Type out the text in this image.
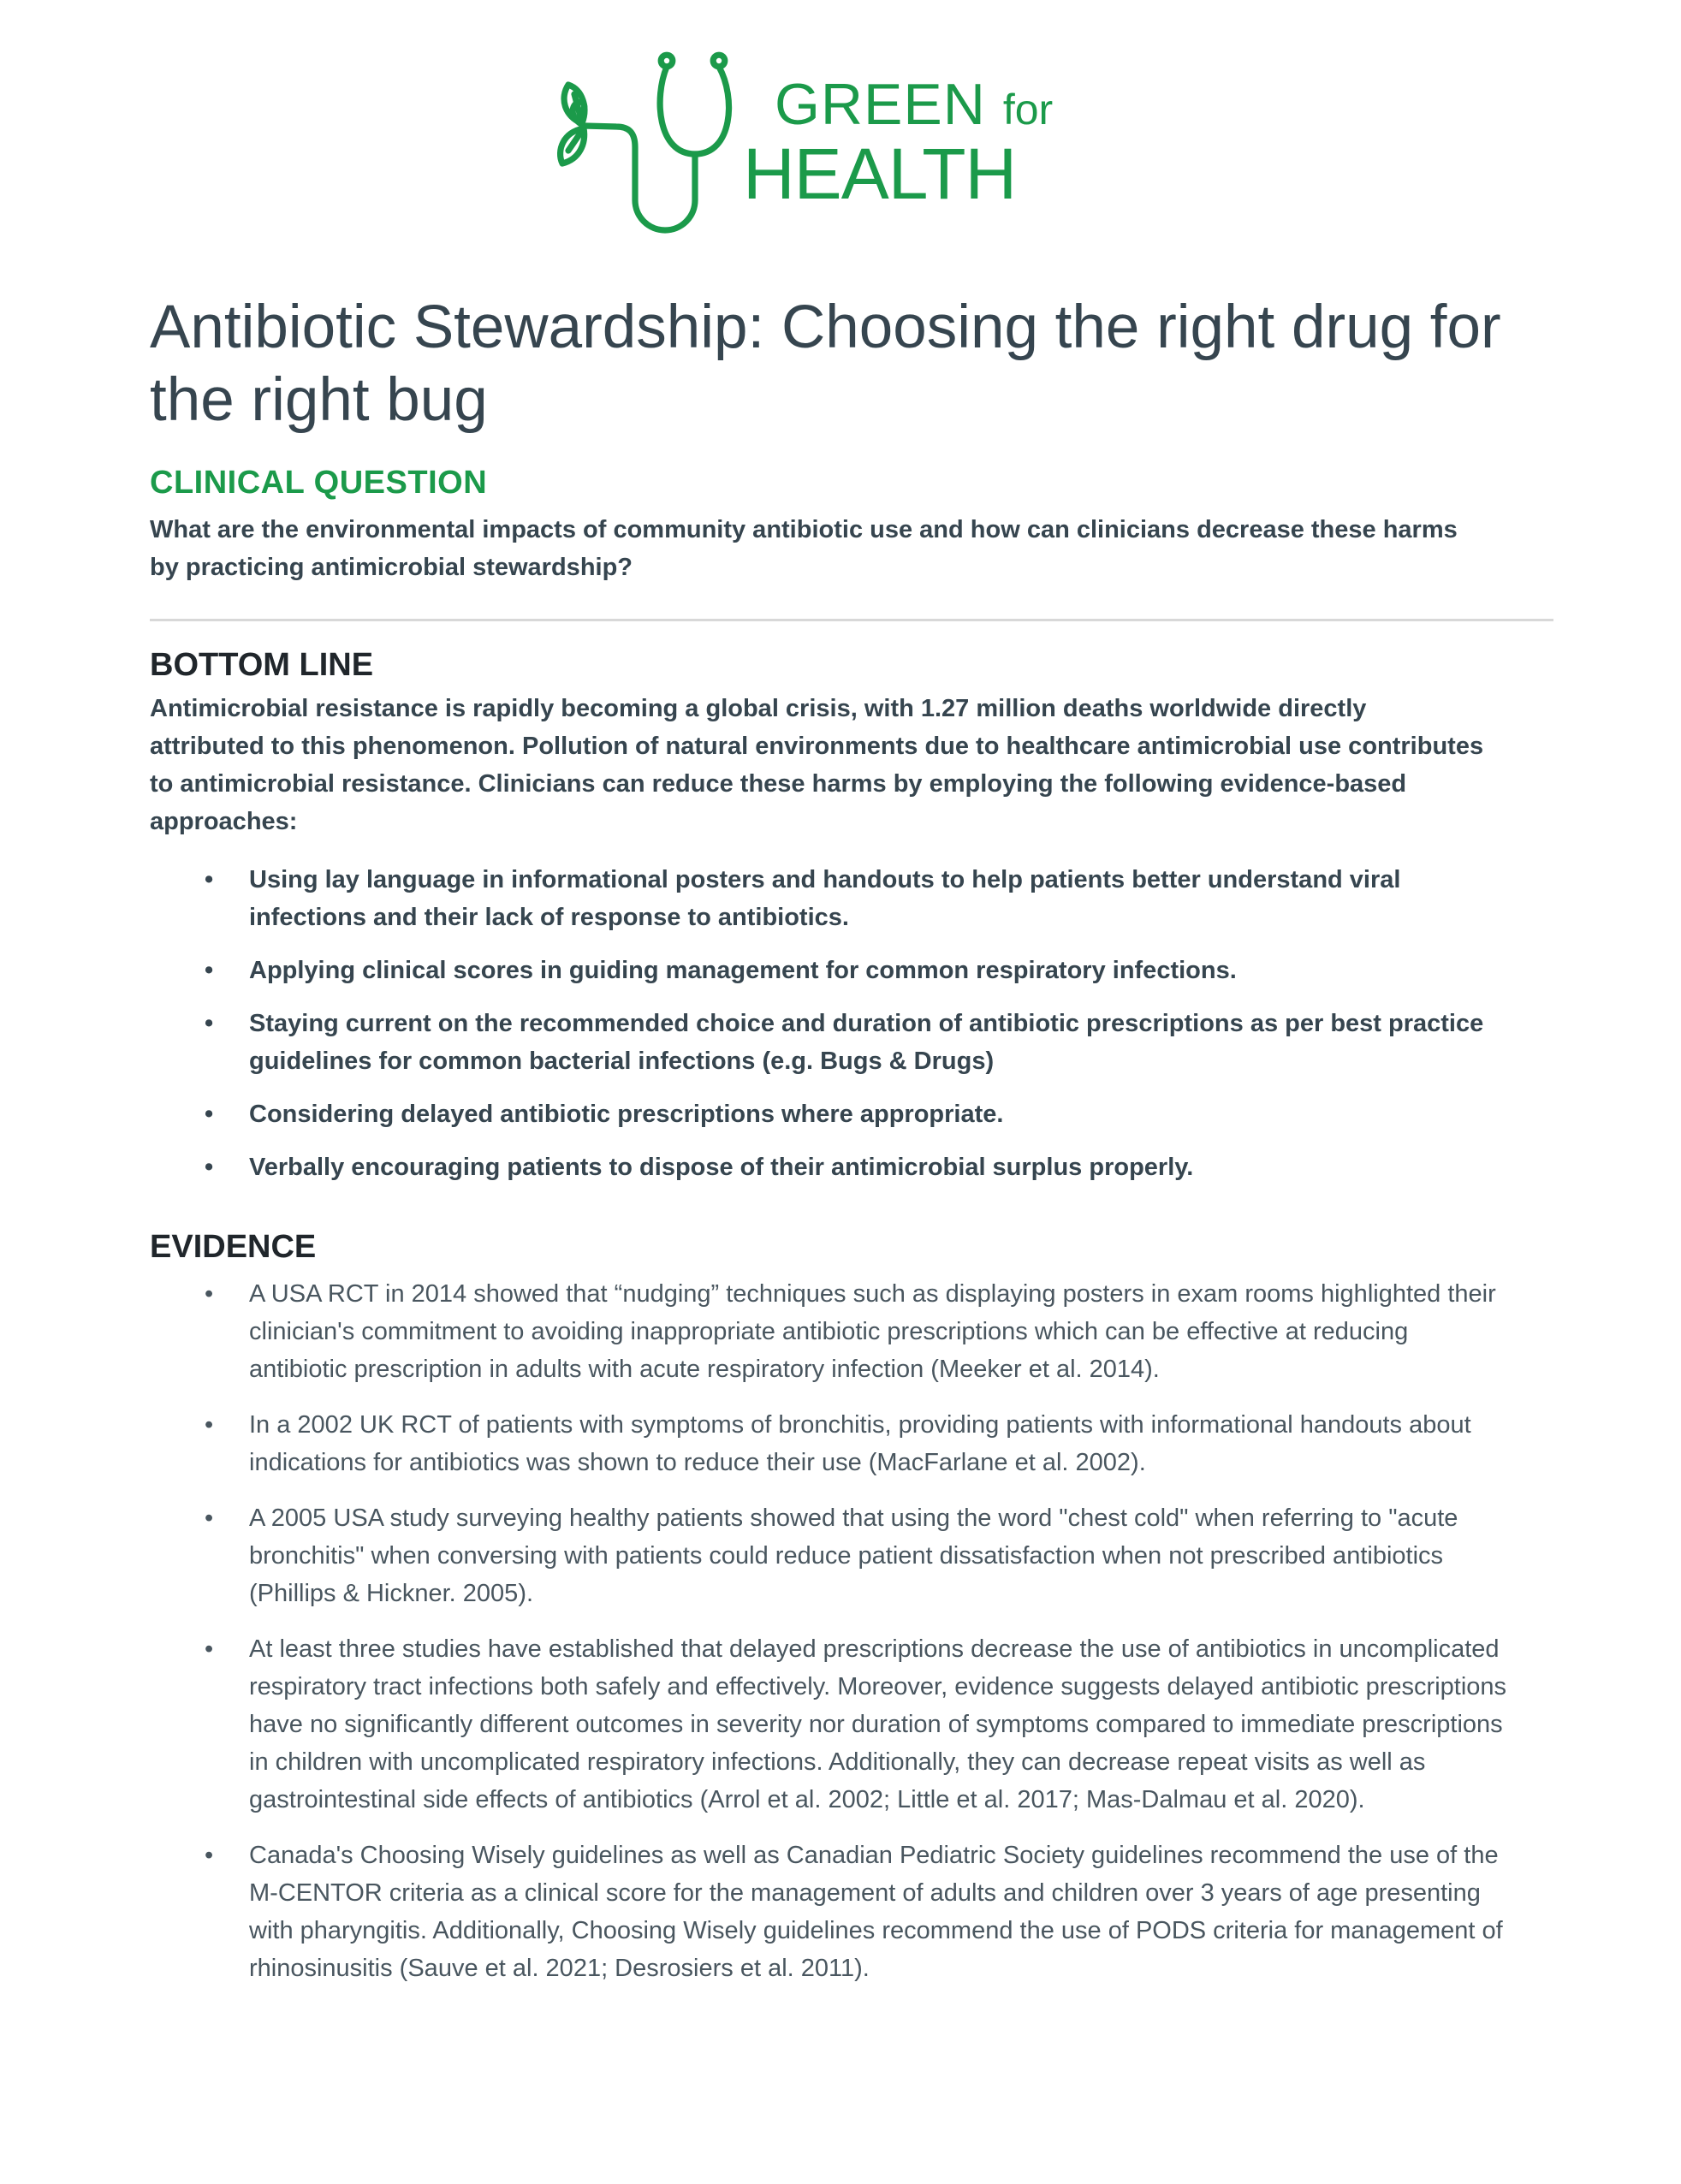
GREEN for
HEALTH
Antibiotic Stewardship: Choosing the right drug for the right bug
CLINICAL QUESTION

What are the environmental impacts of community antibiotic use and how can clinicians decrease these harms by practicing antimicrobial stewardship?

BOTTOM LINE

Antimicrobial resistance is rapidly becoming a global crisis, with 1.27 million deaths worldwide directly attributed to this phenomenon. Pollution of natural environments due to healthcare antimicrobial use contributes to antimicrobial resistance. Clinicians can reduce these harms by employing the following evidence-based approaches:

• Using lay language in informational posters and handouts to help patients better understand viral infections and their lack of response to antibiotics.
• Applying clinical scores in guiding management for common respiratory infections.
• Staying current on the recommended choice and duration of antibiotic prescriptions as per best practice guidelines for common bacterial infections (e.g. Bugs & Drugs)
• Considering delayed antibiotic prescriptions where appropriate.
• Verbally encouraging patients to dispose of their antimicrobial surplus properly.
EVIDENCE
• A USA RCT in 2014 showed that “nudging” techniques such as displaying posters in exam rooms highlighted their clinician's commitment to avoiding inappropriate antibiotic prescriptions which can be effective at reducing antibiotic prescription in adults with acute respiratory infection (Meeker et al. 2014).
• In a 2002 UK RCT of patients with symptoms of bronchitis, providing patients with informational handouts about indications for antibiotics was shown to reduce their use (MacFarlane et al. 2002).
• A 2005 USA study surveying healthy patients showed that using the word "chest cold" when referring to "acute bronchitis" when conversing with patients could reduce patient dissatisfaction when not prescribed antibiotics (Phillips & Hickner. 2005).
• At least three studies have established that delayed prescriptions decrease the use of antibiotics in uncomplicated respiratory tract infections both safely and effectively. Moreover, evidence suggests delayed antibiotic prescriptions have no significantly different outcomes in severity nor duration of symptoms compared to immediate prescriptions in children with uncomplicated respiratory infections. Additionally, they can decrease repeat visits as well as gastrointestinal side effects of antibiotics (Arrol et al. 2002; Little et al. 2017; Mas-Dalmau et al. 2020).
• Canada's Choosing Wisely guidelines as well as Canadian Pediatric Society guidelines recommend the use of the M-CENTOR criteria as a clinical score for the management of adults and children over 3 years of age presenting with pharyngitis. Additionally, Choosing Wisely guidelines recommend the use of PODS criteria for management of rhinosinusitis (Sauve et al. 2021; Desrosiers et al. 2011).
